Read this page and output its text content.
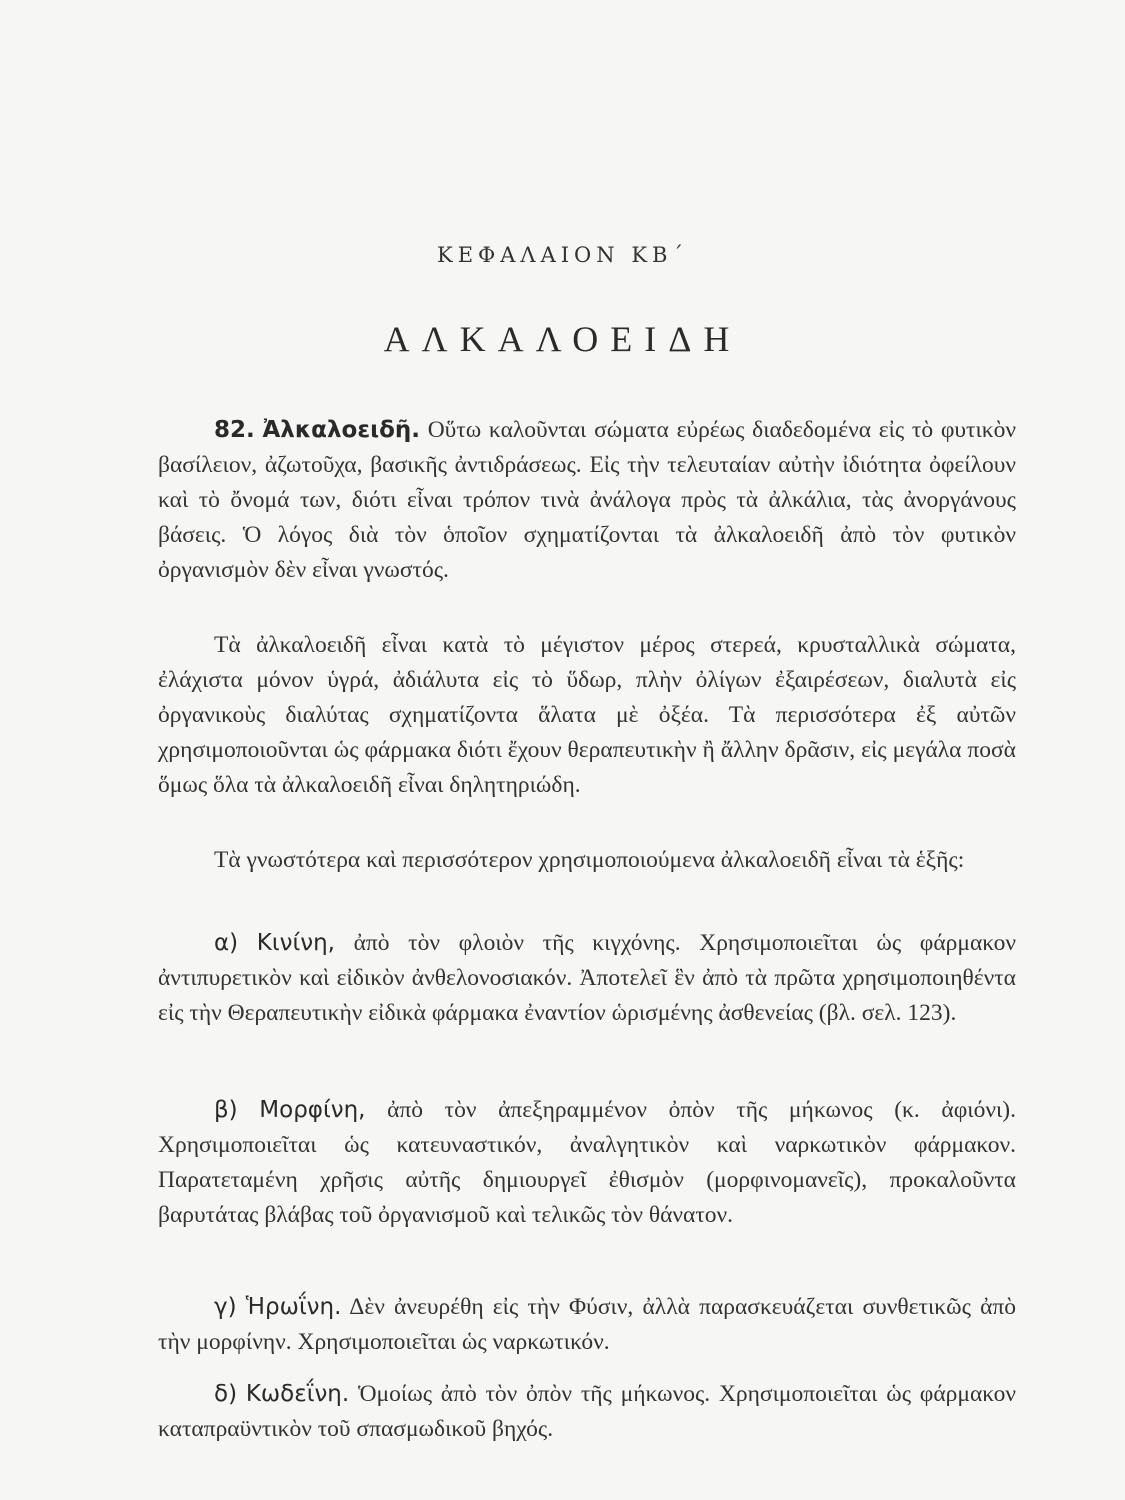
ΚΕΦΑΛΑΙΟΝ ΚΒ΄
ΑΛΚΑΛΟΕΙΔΗ

82. Ἀλκαλοειδῆ. Οὕτω καλοῦνται σώματα εὐρέως διαδεδομένα εἰς τὸ φυτικὸν βασίλειον, ἀζωτοῦχα, βασικῆς ἀντιδράσεως. Εἰς τὴν τελευταίαν αὐτὴν ἰδιότητα ὀφείλουν καὶ τὸ ὄνομά των, διότι εἶναι τρόπον τινὰ ἀνάλογα πρὸς τὰ ἀλκάλια, τὰς ἀνοργάνους βάσεις. Ὁ λόγος διὰ τὸν ὁποῖον σχηματίζονται τὰ ἀλκαλοειδῆ ἀπὸ τὸν φυτικὸν ὀργανισμὸν δὲν εἶναι γνωστός.

Τὰ ἀλκαλοειδῆ εἶναι κατὰ τὸ μέγιστον μέρος στερεά, κρυσταλλικὰ σώματα, ἐλάχιστα μόνον ὑγρά, ἀδιάλυτα εἰς τὸ ὕδωρ, πλὴν ὀλίγων ἐξαιρέσεων, διαλυτὰ εἰς ὀργανικοὺς διαλύτας σχηματίζοντα ἅλατα μὲ ὀξέα. Τὰ περισσότερα ἐξ αὐτῶν χρησιμοποιοῦνται ὡς φάρμακα διότι ἔχουν θεραπευτικὴν ἢ ἄλλην δρᾶσιν, εἰς μεγάλα ποσὰ ὅμως ὅλα τὰ ἀλκαλοειδῆ εἶναι δηλητηριώδη.

Τὰ γνωστότερα καὶ περισσότερον χρησιμοποιούμενα ἀλκαλοειδῆ εἶναι τὰ ἑξῆς:

α) Κινίνη, ἀπὸ τὸν φλοιὸν τῆς κιγχόνης. Χρησιμοποιεῖται ὡς φάρμακον ἀντιπυρετικὸν καὶ εἰδικὸν ἀνθελονοσιακόν. Ἀποτελεῖ ἓν ἀπὸ τὰ πρῶτα χρησιμοποιηθέντα εἰς τὴν Θεραπευτικὴν εἰδικὰ φάρμακα ἐναντίον ὡρισμένης ἀσθενείας (βλ. σελ. 123).

β) Μορφίνη, ἀπὸ τὸν ἀπεξηραμμένον ὀπὸν τῆς μήκωνος (κ. ἀφιόνι). Χρησιμοποιεῖται ὡς κατευναστικόν, ἀναλγητικὸν καὶ ναρκωτικὸν φάρμακον. Παρατεταμένη χρῆσις αὐτῆς δημιουργεῖ ἐθισμὸν (μορφινομανεῖς), προκαλοῦντα βαρυτάτας βλάβας τοῦ ὀργανισμοῦ καὶ τελικῶς τὸν θάνατον.

γ) Ἡρωΐνη. Δὲν ἀνευρέθη εἰς τὴν Φύσιν, ἀλλὰ παρασκευάζεται συνθετικῶς ἀπὸ τὴν μορφίνην. Χρησιμοποιεῖται ὡς ναρκωτικόν.

δ) Κωδεΐνη. Ὁμοίως ἀπὸ τὸν ὀπὸν τῆς μήκωνος. Χρησιμοποιεῖται ὡς φάρμακον καταπραϋντικὸν τοῦ σπασμωδικοῦ βηχός.
